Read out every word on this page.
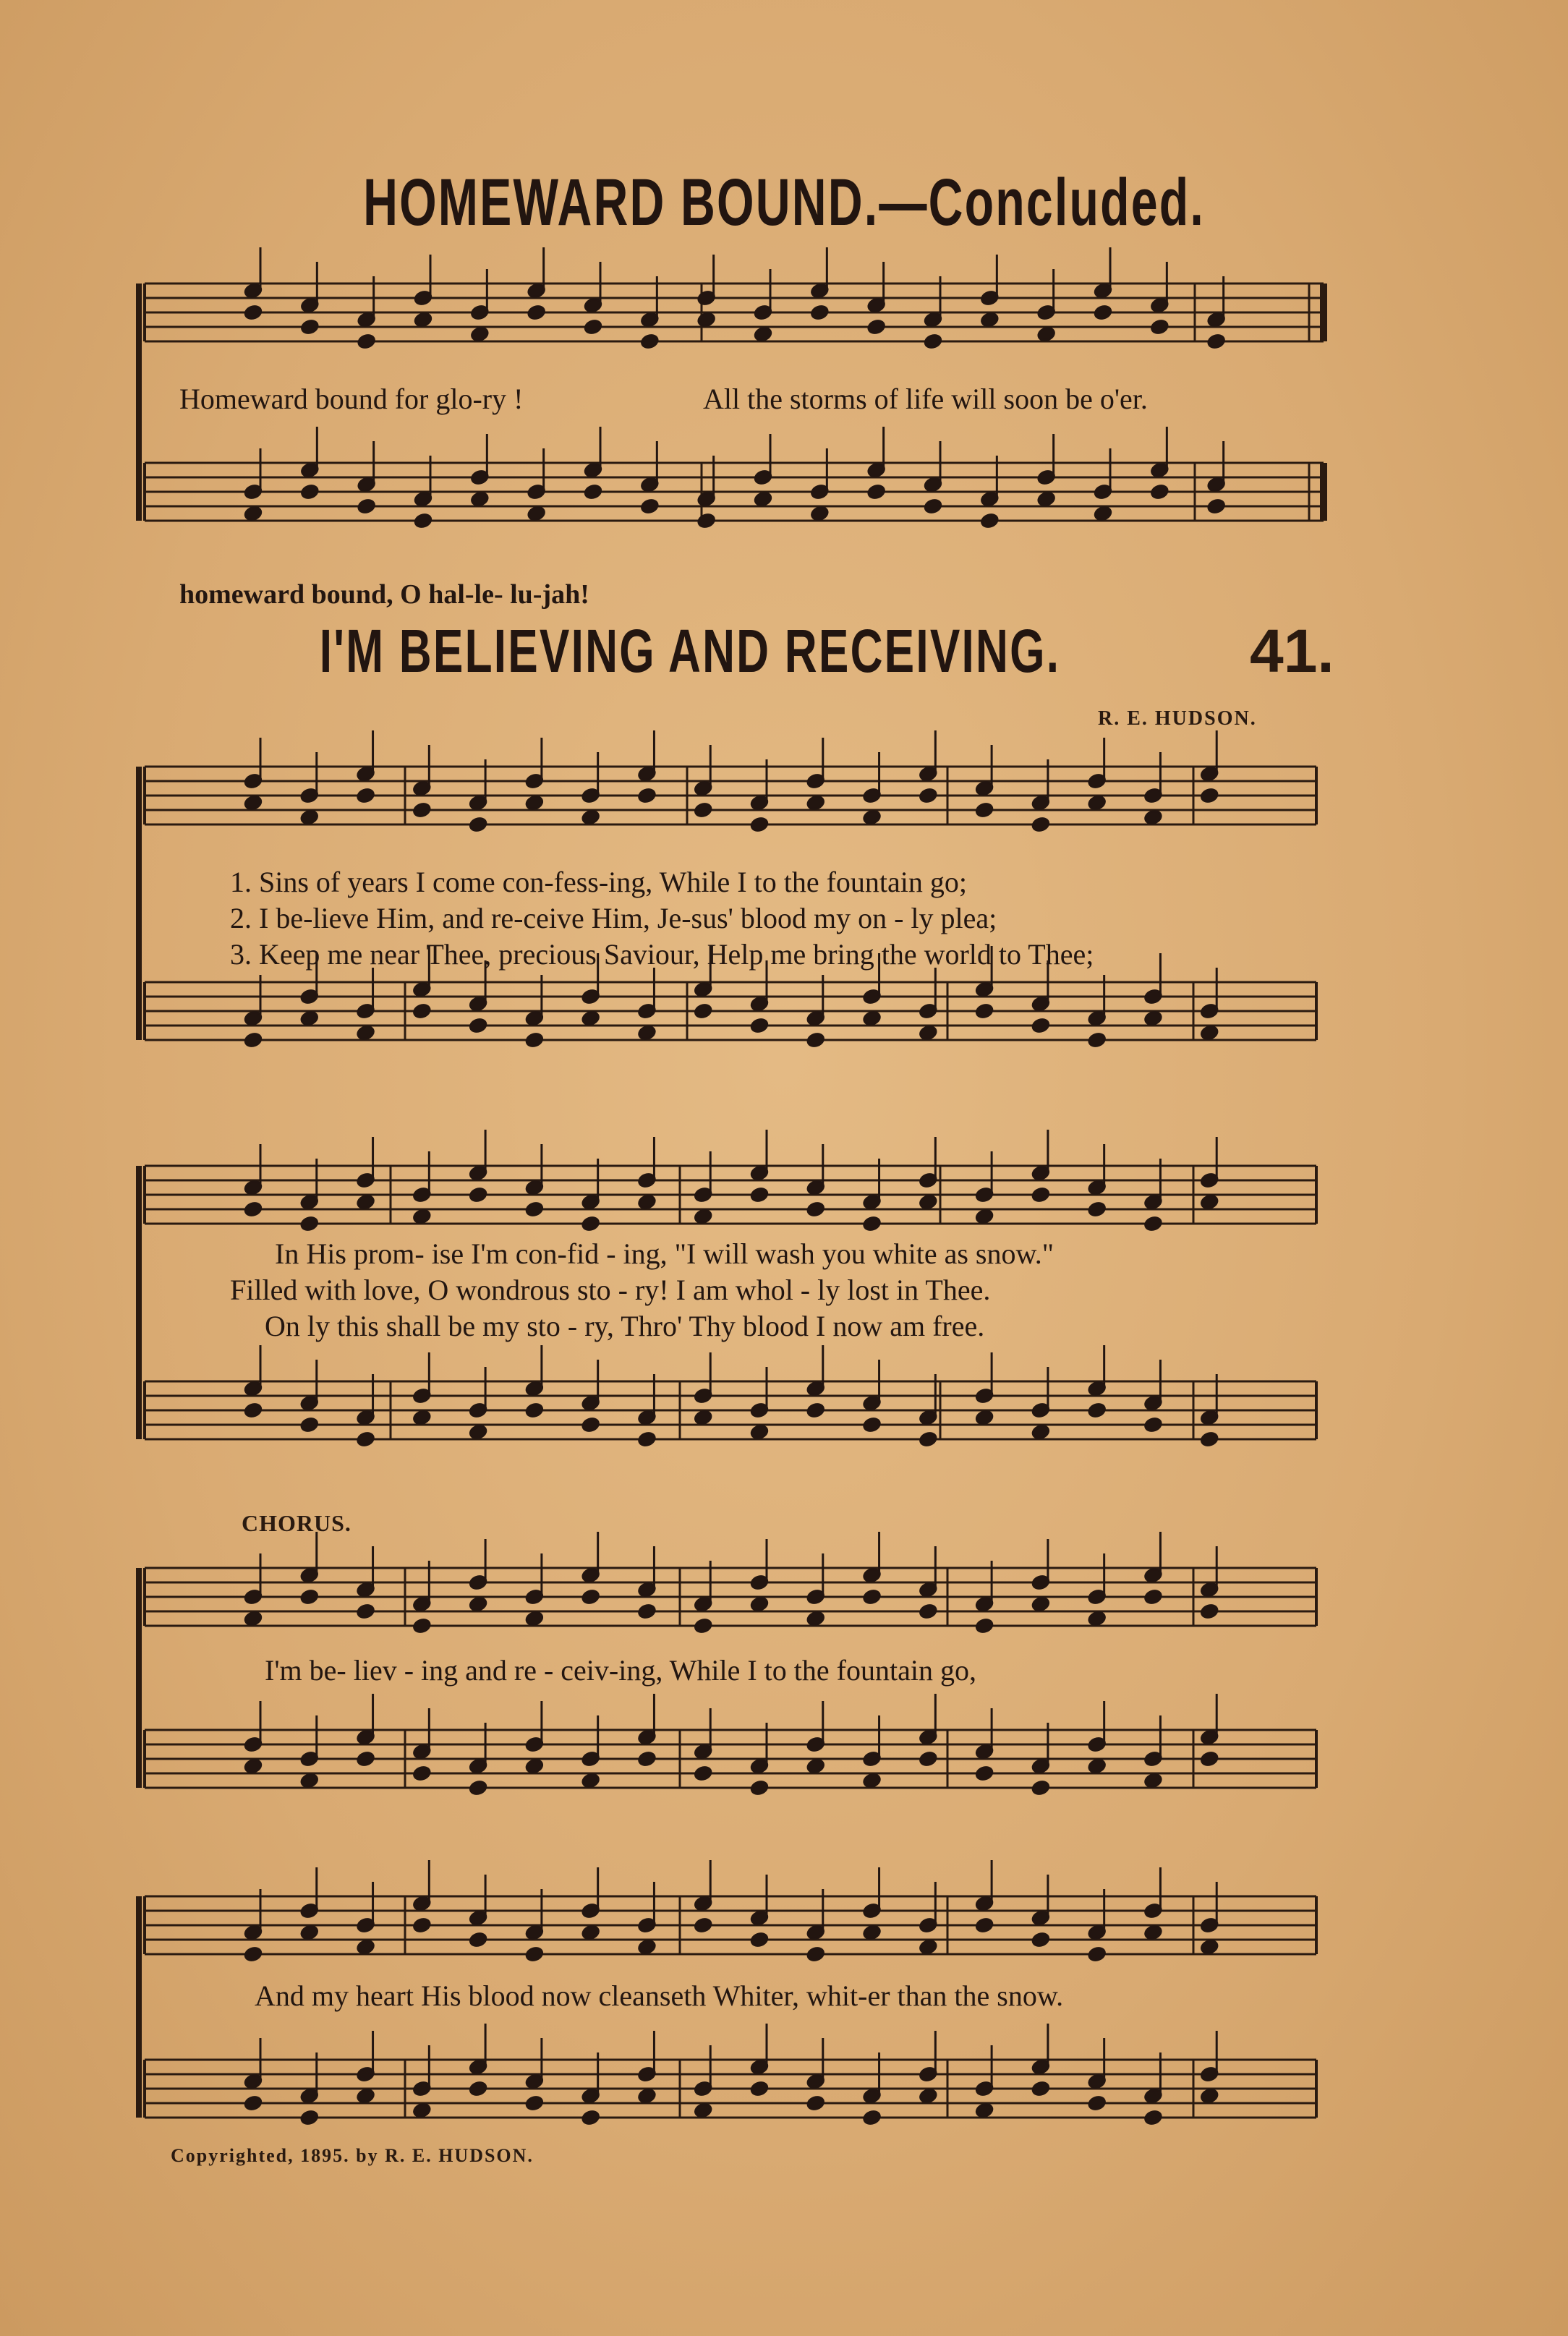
HOMEWARD BOUND.—Concluded.
Homeward bound for glo-ry !	All the storms of life will soon be o'er.
homeward bound, O hal-le- lu-jah!
I'M BELIEVING AND RECEIVING.	41.
R. E. HUDSON.
1. Sins of years I come con-fess-ing, While I to the fountain go;
2. I be-lieve Him, and re-ceive Him, Je-sus' blood my on - ly plea;
3. Keep me near Thee, precious Saviour, Help me bring the world to Thee;
In His prom- ise I'm con-fid - ing, "I will wash you white as snow."
Filled with love, O wondrous sto - ry! I am whol - ly lost in Thee.
On ly this shall be my sto - ry, Thro' Thy blood I now am free.
CHORUS.
I'm be- liev - ing and re - ceiv-ing, While I to the fountain go,
And my heart His blood now cleanseth Whiter, whit-er than the snow.
Copyrighted, 1895. by R. E. HUDSON.
